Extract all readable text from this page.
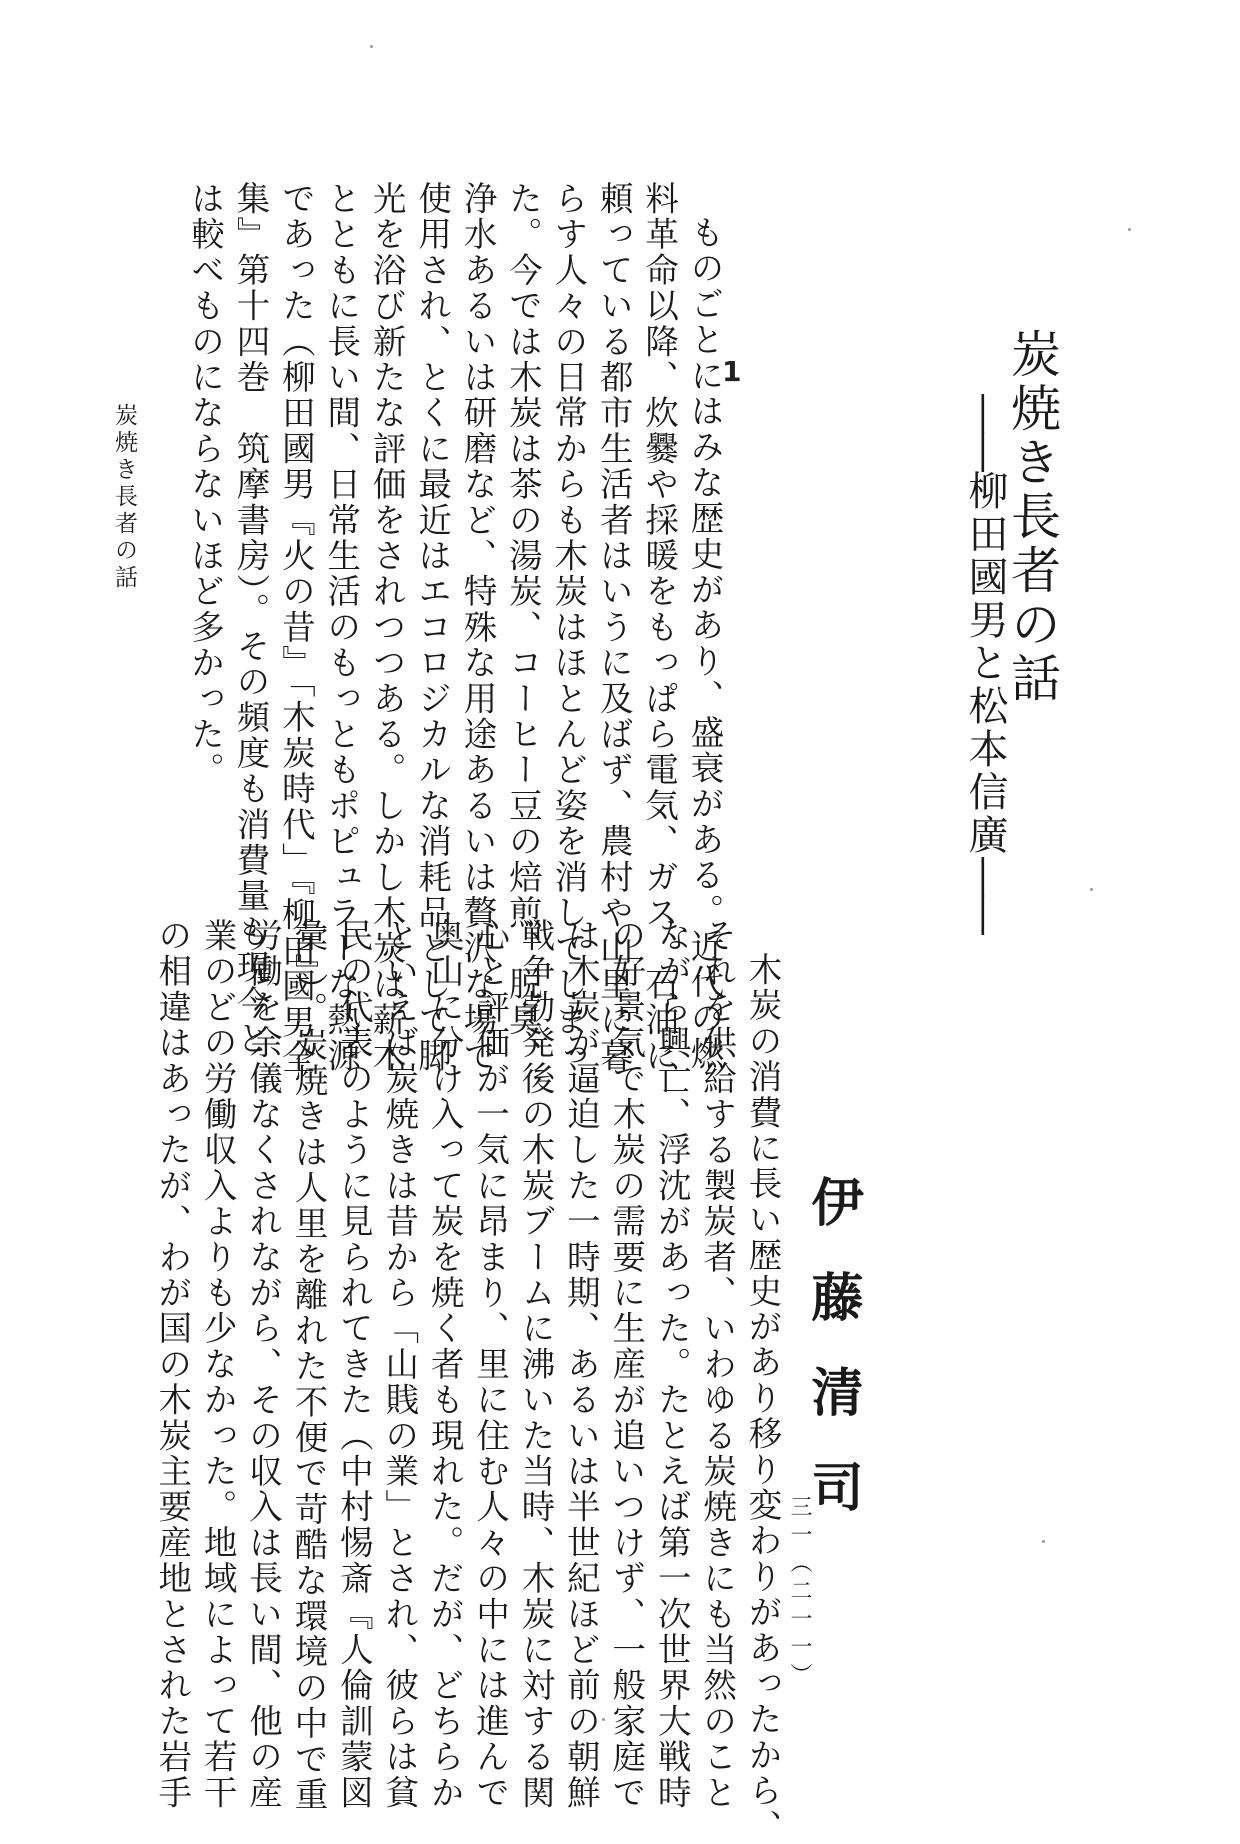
炭焼き長者の話
――柳田國男と松本信廣――
1
ものごとにはみな歴史があり、盛衰がある。近代の燃
料革命以降、炊爨や採暖をもっぱら電気、ガス、石油に
頼っている都市生活者はいうに及ばず、農村や山里に暮
らす人々の日常からも木炭はほとんど姿を消してしまっ
た。今では木炭は茶の湯炭、コーヒー豆の焙煎、脱臭、
浄水あるいは研磨など、特殊な用途あるいは贅沢な場で
使用され、とくに最近はエコロジカルな消耗品として脚
光を浴び新たな評価をされつつある。しかし木炭は薪木
とともに長い間、日常生活のもっともポピュラーな熱源
であった（柳田國男『火の昔』「木炭時代」『柳田國男全
集』第十四巻　筑摩書房）。その頻度も消費量も現今と
は較べものにならないほど多かった。
木炭の消費に長い歴史があり移り変わりがあったから、
それを供給する製炭者、いわゆる炭焼きにも当然のこと
ながら興亡、浮沈があった。たとえば第一次世界大戦時
の好景気で木炭の需要に生産が追いつけず、一般家庭で
は木炭が逼迫した一時期、あるいは半世紀ほど前の朝鮮
戦争勃発後の木炭ブームに沸いた当時、木炭に対する関
心と評価が一気に昂まり、里に住む人々の中には進んで
奥山に分け入って炭を焼く者も現れた。だが、どちらか
といえば炭焼きは昔から「山賎の業」とされ、彼らは貧
民の代表のように見られてきた（中村惕斎『人倫訓蒙図
彙』）。炭焼きは人里を離れた不便で苛酷な環境の中で重
労働を余儀なくされながら、その収入は長い間、他の産
業のどの労働収入よりも少なかった。地域によって若干
の相違はあったが、わが国の木炭主要産地とされた岩手	伊藤清司
炭焼き長者の話
三一（二一一）
